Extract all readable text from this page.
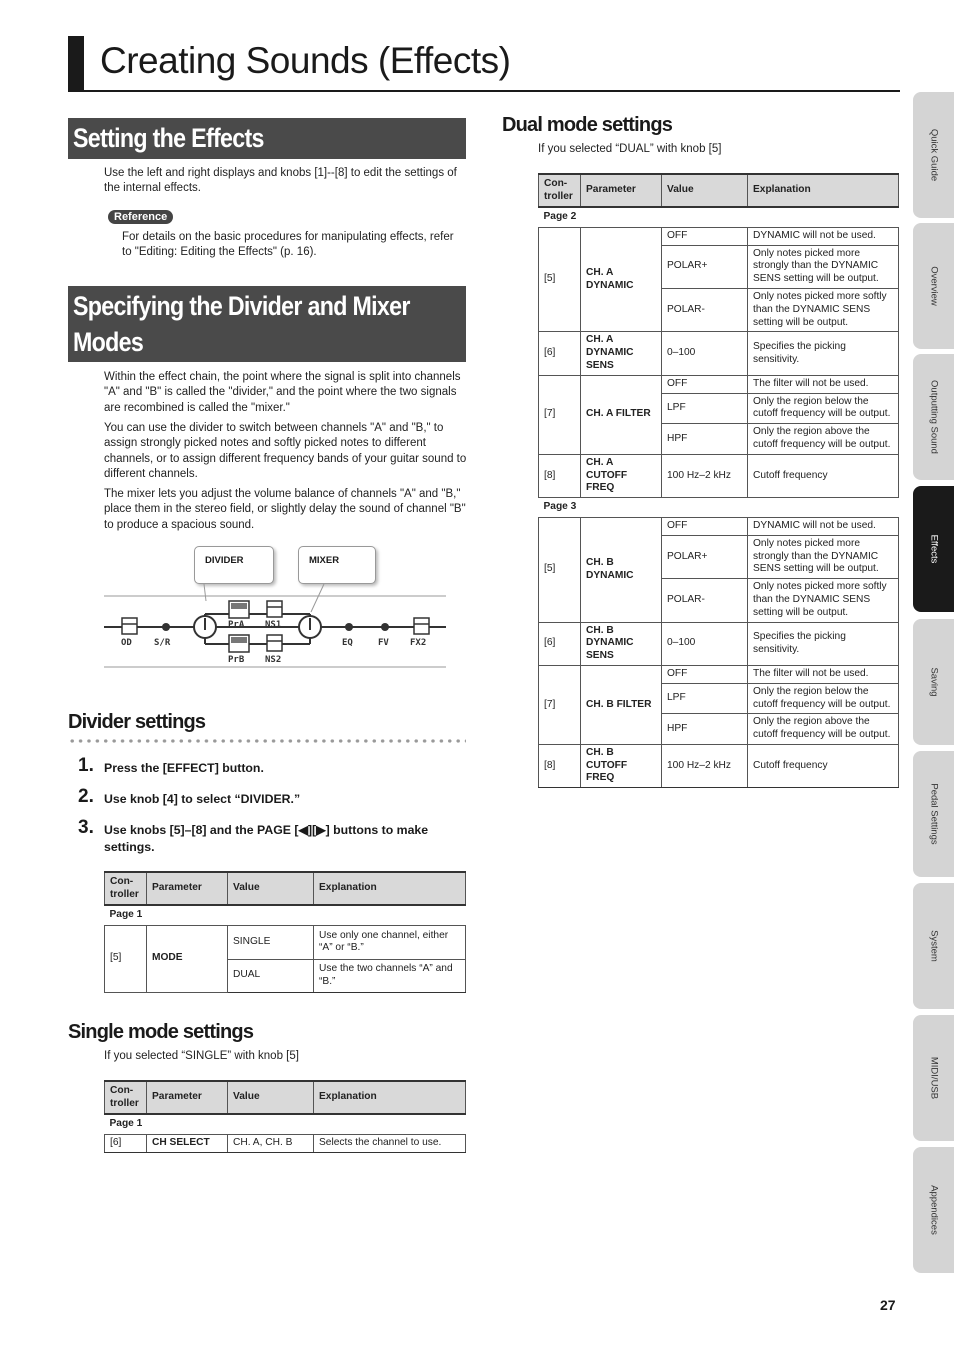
Creating Sounds (Effects)
Setting the Effects

Use the left and right displays and knobs [1]--[8] to edit the settings of the internal effects.

Reference

For details on the basic procedures for manipulating effects, refer to "Editing: Editing the Effects" (p. 16).

Specifying the Divider and Mixer
Modes

Within the effect chain, the point where the signal is split into channels "A" and "B" is called the "divider," and the point where the two signals are recombined is called the "mixer."

You can use the divider to switch between channels "A" and "B," to assign strongly picked notes and softly picked notes to different channels, or to assign different frequency bands of your guitar sound to different channels.

The mixer lets you adjust the volume balance of channels "A" and "B," place them in the stereo field, or slightly delay the sound of channel "B" to produce a spacious sound.

DIVIDER	MIXER
OD S/R
PrA NS1
PrB NS2
EQ	FV FX2
Divider settings
1. Press the [EFFECT] button.
2. Use knob [4] to select “DIVIDER.”
3. Use knobs [5]–[8] and the PAGE [◀][▶] buttons to make settings.
Con-
troller	Parameter	Value	Explanation
Page 1			
[5]	MODE	SINGLE	Use only one channel, either “A” or “B.”
		DUAL	Use the two channels “A” and “B.”
Single mode settings

If you selected “SINGLE” with knob [5]

Con-
troller	Parameter	Value	Explanation
Page 1			
[6]	CH SELECT	CH. A, CH. B	Selects the channel to use.
Dual mode settings

If you selected “DUAL” with knob [5]

Con-
troller	Parameter	Value	Explanation
Page 2			
[5]	CH. A DYNAMIC	OFF	DYNAMIC will not be used.
		POLAR+	Only notes picked more strongly than the DYNAMIC SENS setting will be output.
		POLAR-	Only notes picked more softly than the DYNAMIC SENS setting will be output.
[6]	CH. A DYNAMIC SENS	0–100	Specifies the picking sensitivity.
[7]	CH. A FILTER	OFF	The filter will not be used.
		LPF	Only the region below the cutoff frequency will be output.
		HPF	Only the region above the cutoff frequency will be output.
[8]	CH. A CUTOFF FREQ	100 Hz–2 kHz	Cutoff frequency
Page 3			
[5]	CH. B DYNAMIC	OFF	DYNAMIC will not be used.
		POLAR+	Only notes picked more strongly than the DYNAMIC SENS setting will be output.
		POLAR-	Only notes picked more softly than the DYNAMIC SENS setting will be output.
[6]	CH. B DYNAMIC SENS	0–100	Specifies the picking sensitivity.
[7]	CH. B FILTER	OFF	The filter will not be used.
		LPF	Only the region below the cutoff frequency will be output.
		HPF	Only the region above the cutoff frequency will be output.
[8]	CH. B CUTOFF FREQ	100 Hz–2 kHz	Cutoff frequency
Quick Guide
Overview
Outputting Sound
Effects
Saving
Pedal Settings
System
MIDI/USB
Appendices
27
